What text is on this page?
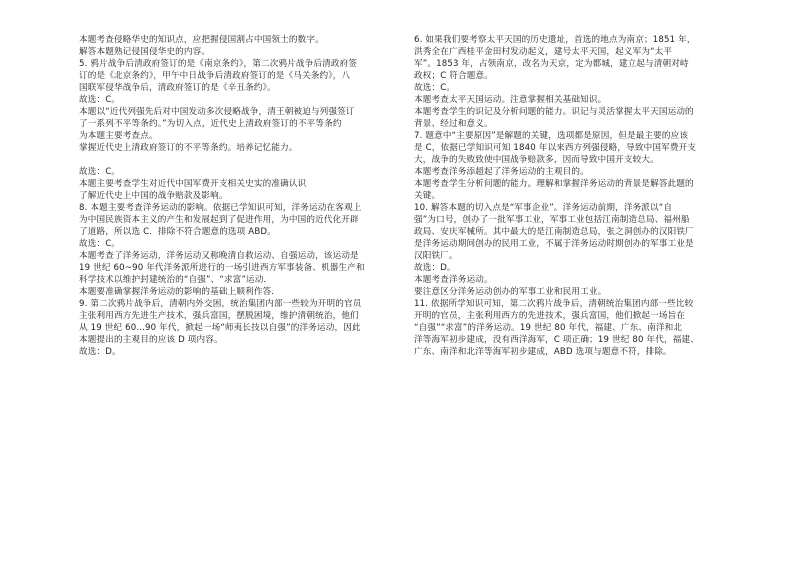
本题考查侵略华史的知识点，应把握侵国割占中国领土的数字。
解答本题熟记侵国侵华史的内容。
5. 鸦片战争后清政府签订的是《南京条约》，第二次鸦片战争后清政府签
订的是《北京条约》，甲午中日战争后清政府签订的是《马关条约》，八
国联军侵华战争后，清政府签订的是《辛丑条约》。
故选：C。
本题以“近代列强先后对中国发动多次侵略战争，清王朝被迫与列强签订
了一系列不平等条约。”为切入点，近代史上清政府签订的不平等条约
为本题主要考查点。
掌握近代史上清政府签订的不平等条约。培养记忆能力。
故选：C。
本题主要考查学生对近代中国军费开支相关史实的准确认识
了解近代史上中国的战争赔款及影响。
8. 本题主要考查洋务运动的影响。依据已学知识可知，洋务运动在客观上
为中国民族资本主义的产生和发展起到了促进作用，为中国的近代化开辟
了道路，所以选 C．排除不符合题意的选项 ABD。
故选：C。
本题考查了洋务运动，洋务运动又称晚清自救运动、自强运动，该运动是
19 世纪 60~90 年代洋务派所进行的一场引进西方军事装备、机器生产和
科学技术以维护封建统治的“自强”、“求富”运动．
本题要准确掌握洋务运动的影响的基础上顺利作答．
9. 第二次鸦片战争后，清朝内外交困，统治集团内部一些较为开明的官员
主张利用西方先进生产技术，强兵富国，摆脱困境，维护清朝统治，他们
从 19 世纪 60...90 年代，掀起一场“师夷长技以自强”的洋务运动，因此
本题提出的主观目的应该 D 项内容。
故选：D。
6. 如果我们要考察太平天国的历史遗址，首选的地点为南京；1851 年，
洪秀全在广西桂平金田村发动起义，建号太平天国，起义军为“太平
军”。1853 年，占领南京，改名为天京，定为都城，建立起与清朝对峙
政权；C 符合题意。
故选：C。
本题考查太平天国运动。注意掌握相关基础知识。
本题考查学生的识记及分析问题的能力。识记与灵活掌握太平天国运动的
背景、经过和意义。
7. 题意中“主要原因”是解题的关键，选项都是原因，但是最主要的应该
是 C，依据已学知识可知 1840 年以来西方列强侵略，导致中国军费开支
大，战争的失败致使中国战争赔款多，因而导致中国开支较大。
本题考查洋务添超起了洋务运动的主观目的。
本题考查学生分析问题的能力。理解和掌握洋务运动的背景是解答此题的
关键。
10. 解答本题的切入点是“军事企业”。洋务运动前期，洋务派以“自
强”为口号，创办了一批军事工业，军事工业包括江南制造总局、福州船
政局、安庆军械所。其中最大的是江南制造总局，张之洞创办的汉阳铁厂
是洋务运动期间创办的民用工业，不属于洋务运动时期创办的军事工业是
汉阳铁厂。
故选：D。
本题考查洋务运动。
要注意区分洋务运动创办的军事工业和民用工业。
11. 依据所学知识可知，第二次鸦片战争后，清朝统治集团内部一些比较
开明的官员，主张利用西方的先进技术，强兵富国，他们掀起一场旨在
“自强”“求富”的洋务运动。19 世纪 80 年代，福建、广东、南洋和北
洋等海军初步建成，没有西洋海军，C 项正确；19 世纪 80 年代，福建、
广东、南洋和北洋等海军初步建成，ABD 选项与题意不符，排除。
